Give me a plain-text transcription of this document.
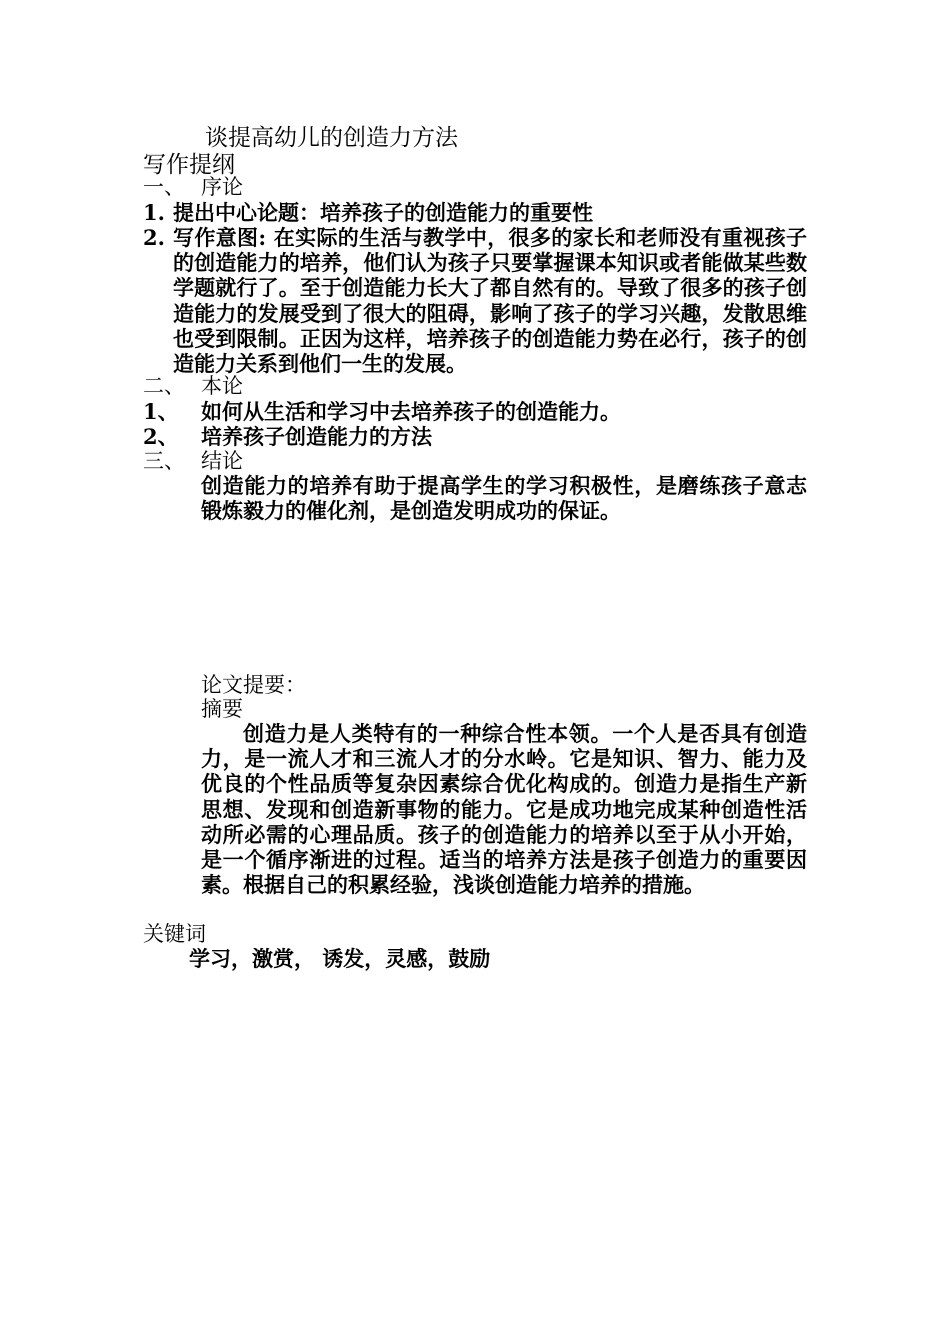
谈提高幼儿的创造力方法
写作提纲
一、 序论
1. 提出中心论题：培养孩子的创造能力的重要性
2. 写作意图: 在实际的生活与教学中，很多的家长和老师没有重视孩子的创造能力的培养，他们认为孩子只要掌握课本知识或者能做某些数学题就行了。至于创造能力长大了都自然有的。导致了很多的孩子创造能力的发展受到了很大的阻碍，影响了孩子的学习兴趣，发散思维也受到限制。正因为这样，培养孩子的创造能力势在必行，孩子的创造能力关系到他们一生的发展。
二、 本论
1、 如何从生活和学习中去培养孩子的创造能力。
2、 培养孩子创造能力的方法
三、 结论
创造能力的培养有助于提高学生的学习积极性，是磨练孩子意志锻炼毅力的催化剂，是创造发明成功的保证。
论文提要：
摘要
创造力是人类特有的一种综合性本领。一个人是否具有创造力，是一流人才和三流人才的分水岭。它是知识、智力、能力及优良的个性品质等复杂因素综合优化构成的。创造力是指生产新思想、发现和创造新事物的能力。它是成功地完成某种创造性活动所必需的心理品质。孩子的创造能力的培养以至于从小开始，是一个循序渐进的过程。适当的培养方法是孩子创造力的重要因素。根据自己的积累经验，浅谈创造能力培养的措施。
关键词
学习，激赏， 诱发，灵感，鼓励
